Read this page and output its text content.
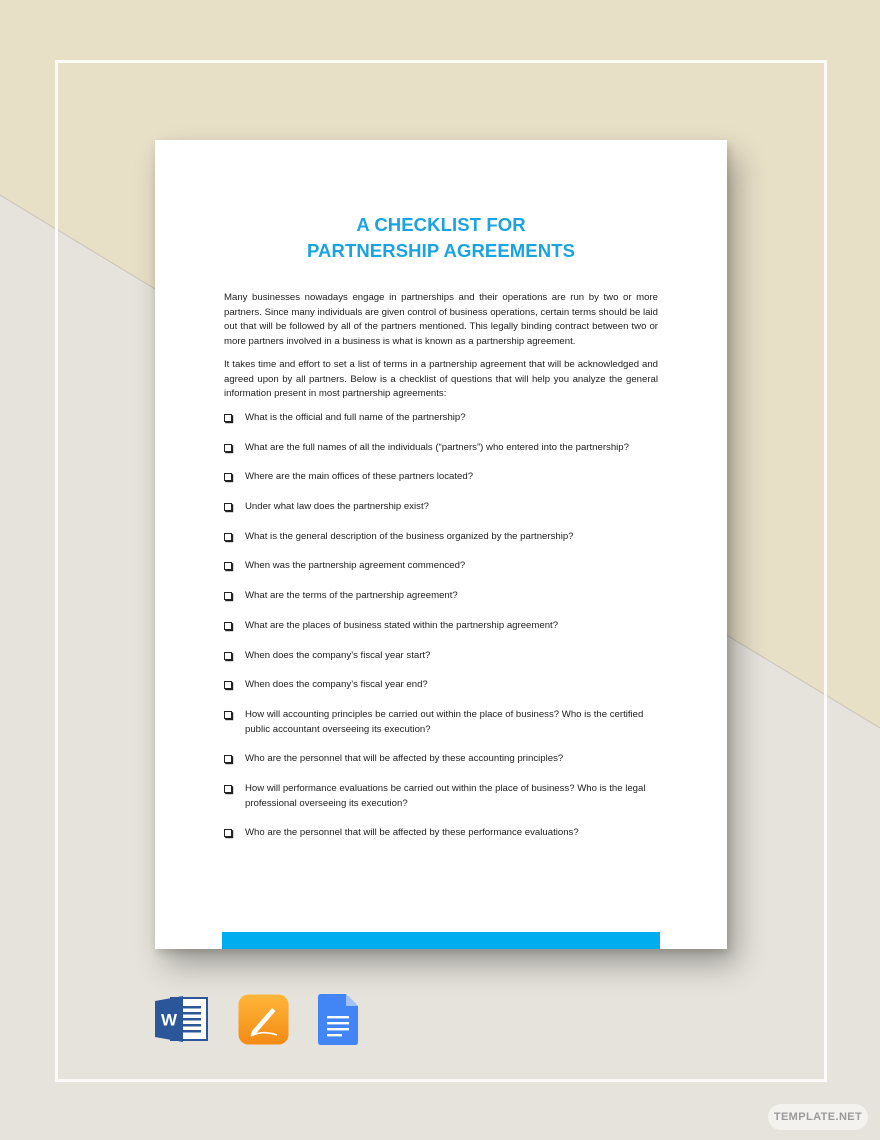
A CHECKLIST FOR
PARTNERSHIP AGREEMENTS

Many businesses nowadays engage in partnerships and their operations are run by two or more partners. Since many individuals are given control of business operations, certain terms should be laid out that will be followed by all of the partners mentioned. This legally binding contract between two or more partners involved in a business is what is known as a partnership agreement.

It takes time and effort to set a list of terms in a partnership agreement that will be acknowledged and agreed upon by all partners. Below is a checklist of questions that will help you analyze the general information present in most partnership agreements:

What is the official and full name of the partnership?
What are the full names of all the individuals (“partners”) who entered into the partnership?
Where are the main offices of these partners located?
Under what law does the partnership exist?
What is the general description of the business organized by the partnership?
When was the partnership agreement commenced?
What are the terms of the partnership agreement?
What are the places of business stated within the partnership agreement?
When does the company’s fiscal year start?
When does the company’s fiscal year end?
How will accounting principles be carried out within the place of business? Who is the certified public accountant overseeing its execution?
Who are the personnel that will be affected by these accounting principles?
How will performance evaluations be carried out within the place of business? Who is the legal professional overseeing its execution?
Who are the personnel that will be affected by these performance evaluations?
W
TEMPLATE.NET
